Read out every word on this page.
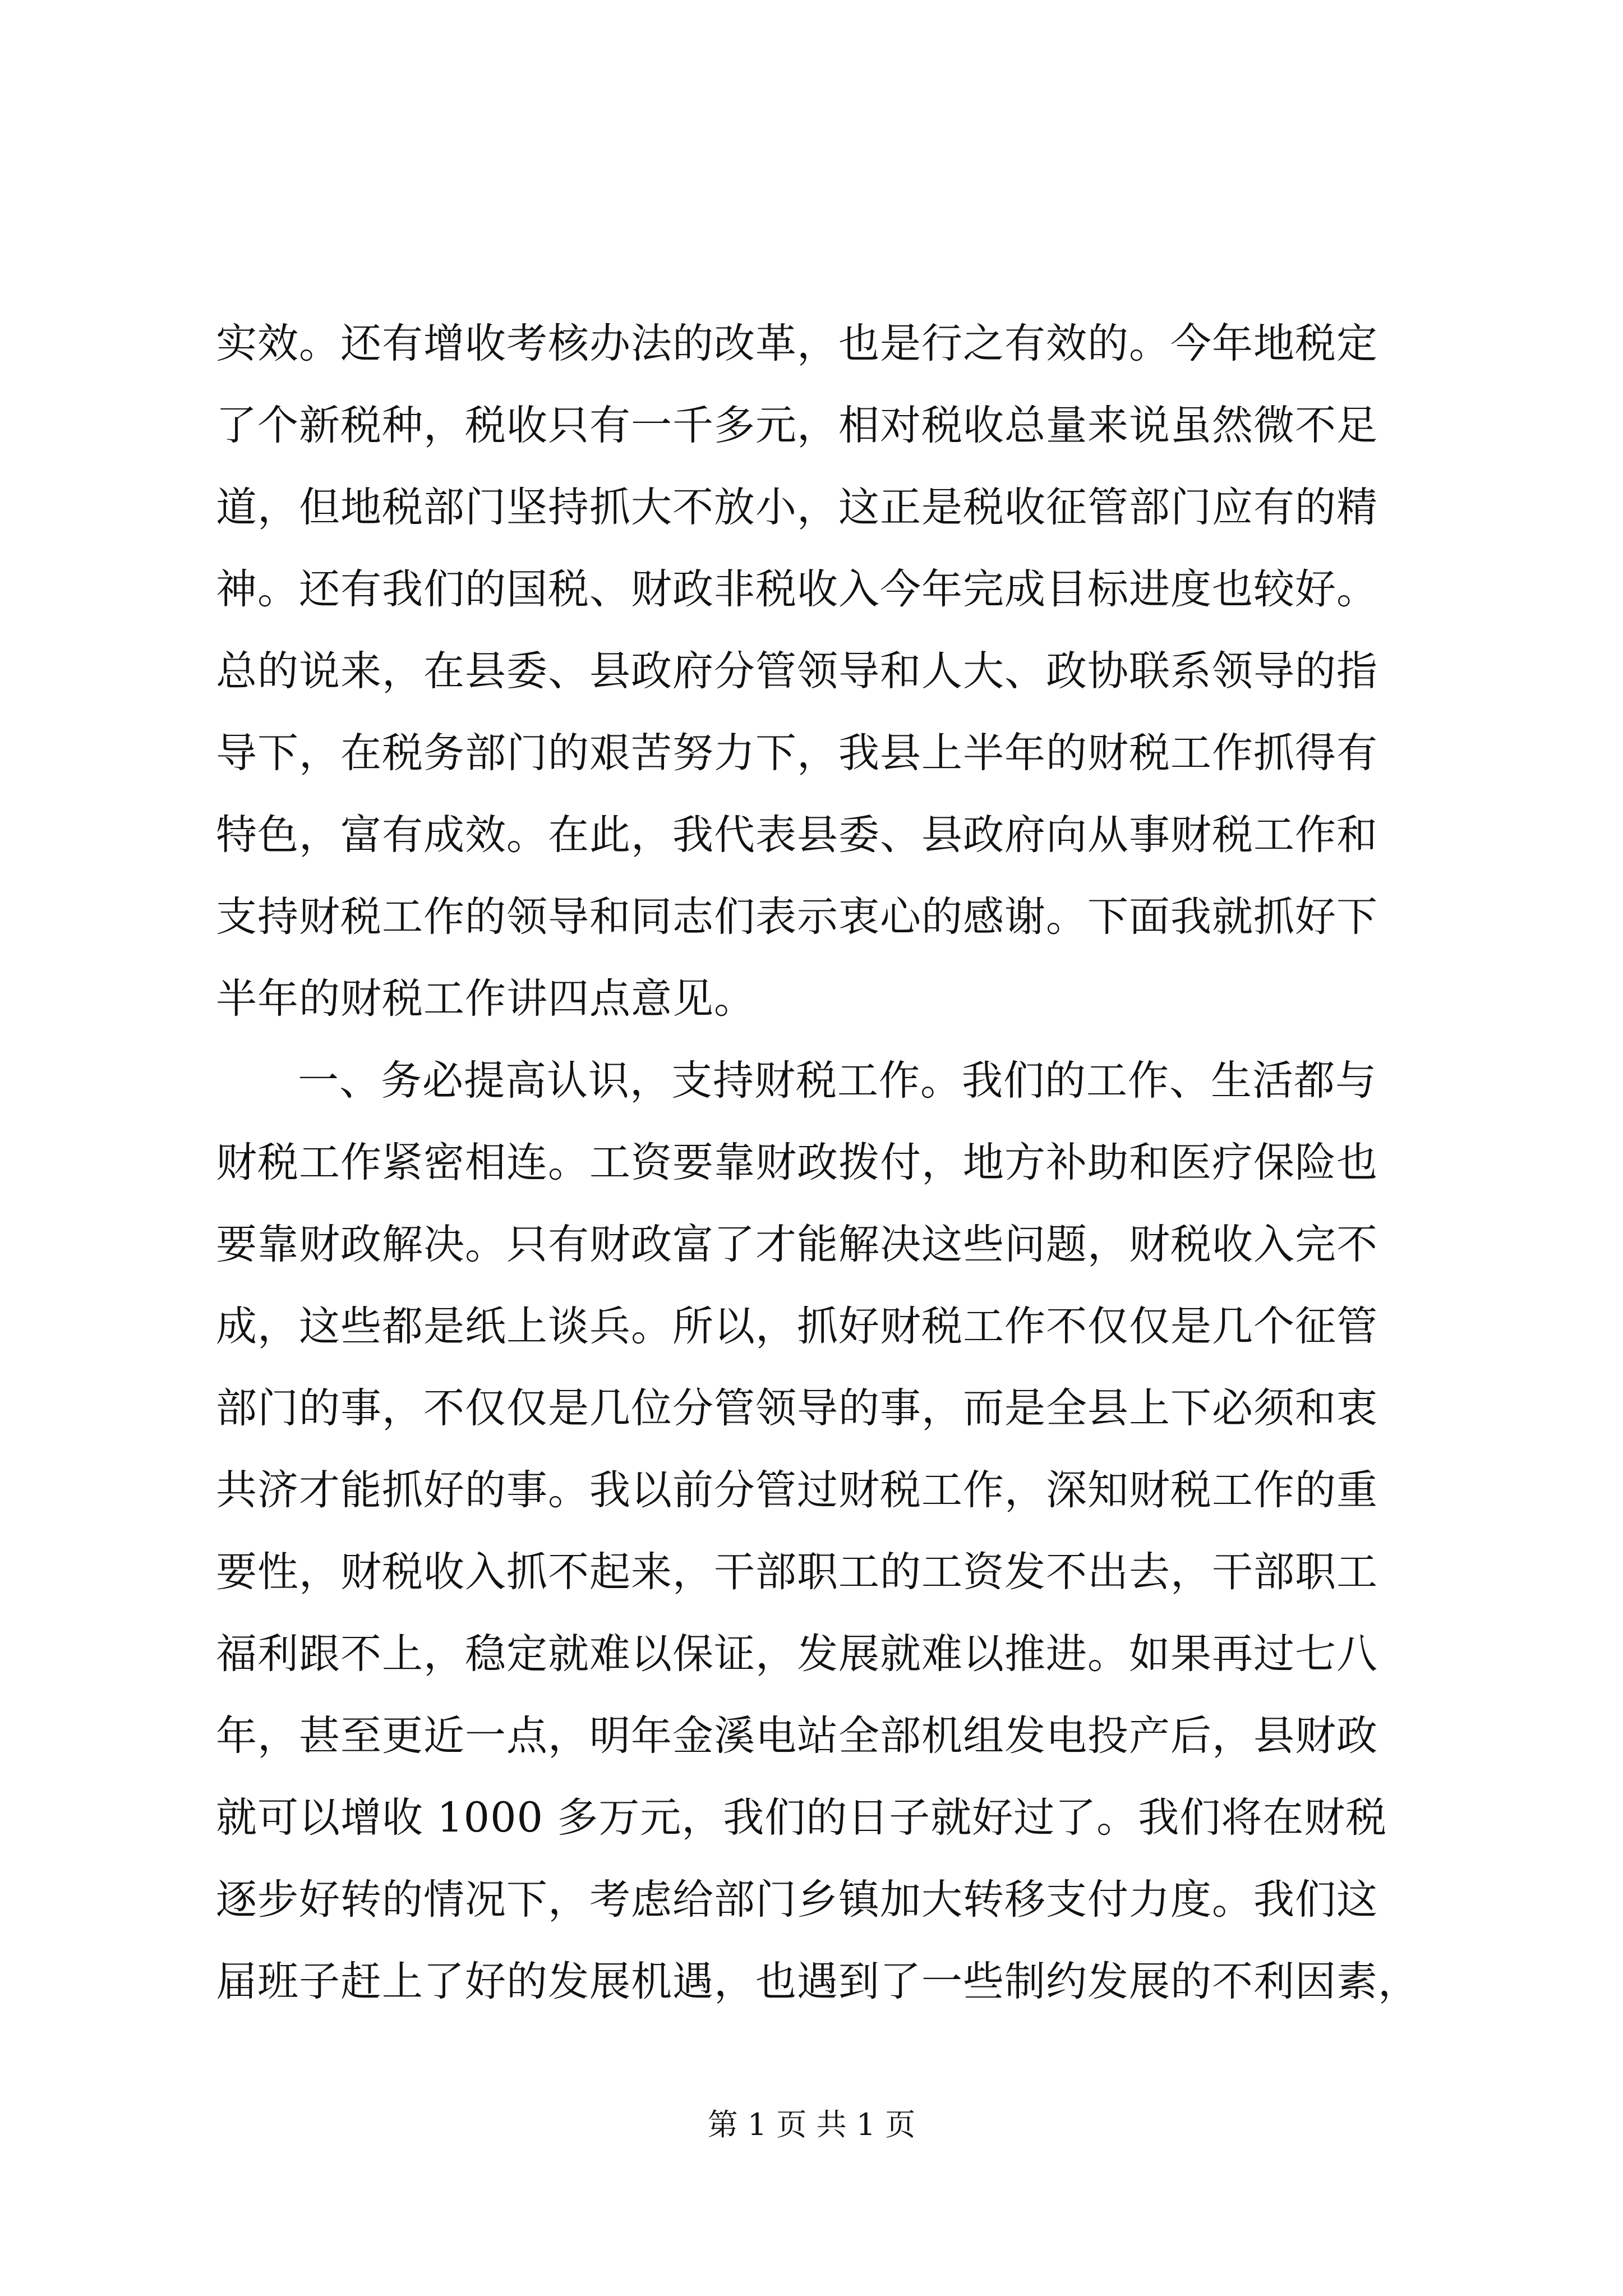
实效。还有增收考核办法的改革，也是行之有效的。今年地税定
了个新税种，税收只有一千多元，相对税收总量来说虽然微不足
道，但地税部门坚持抓大不放小，这正是税收征管部门应有的精
神。还有我们的国税、财政非税收入今年完成目标进度也较好。
总的说来，在县委、县政府分管领导和人大、政协联系领导的指
导下，在税务部门的艰苦努力下，我县上半年的财税工作抓得有
特色，富有成效。在此，我代表县委、县政府向从事财税工作和
支持财税工作的领导和同志们表示衷心的感谢。下面我就抓好下
半年的财税工作讲四点意见。
一、务必提高认识，支持财税工作。我们的工作、生活都与
财税工作紧密相连。工资要靠财政拨付，地方补助和医疗保险也
要靠财政解决。只有财政富了才能解决这些问题，财税收入完不
成，这些都是纸上谈兵。所以，抓好财税工作不仅仅是几个征管
部门的事，不仅仅是几位分管领导的事，而是全县上下必须和衷
共济才能抓好的事。我以前分管过财税工作，深知财税工作的重
要性，财税收入抓不起来，干部职工的工资发不出去，干部职工
福利跟不上，稳定就难以保证，发展就难以推进。如果再过七八
年，甚至更近一点，明年金溪电站全部机组发电投产后，县财政
就可以增收 1000 多万元，我们的日子就好过了。我们将在财税
逐步好转的情况下，考虑给部门乡镇加大转移支付力度。我们这
届班子赶上了好的发展机遇，也遇到了一些制约发展的不利因素，
第 1 页 共 1 页
